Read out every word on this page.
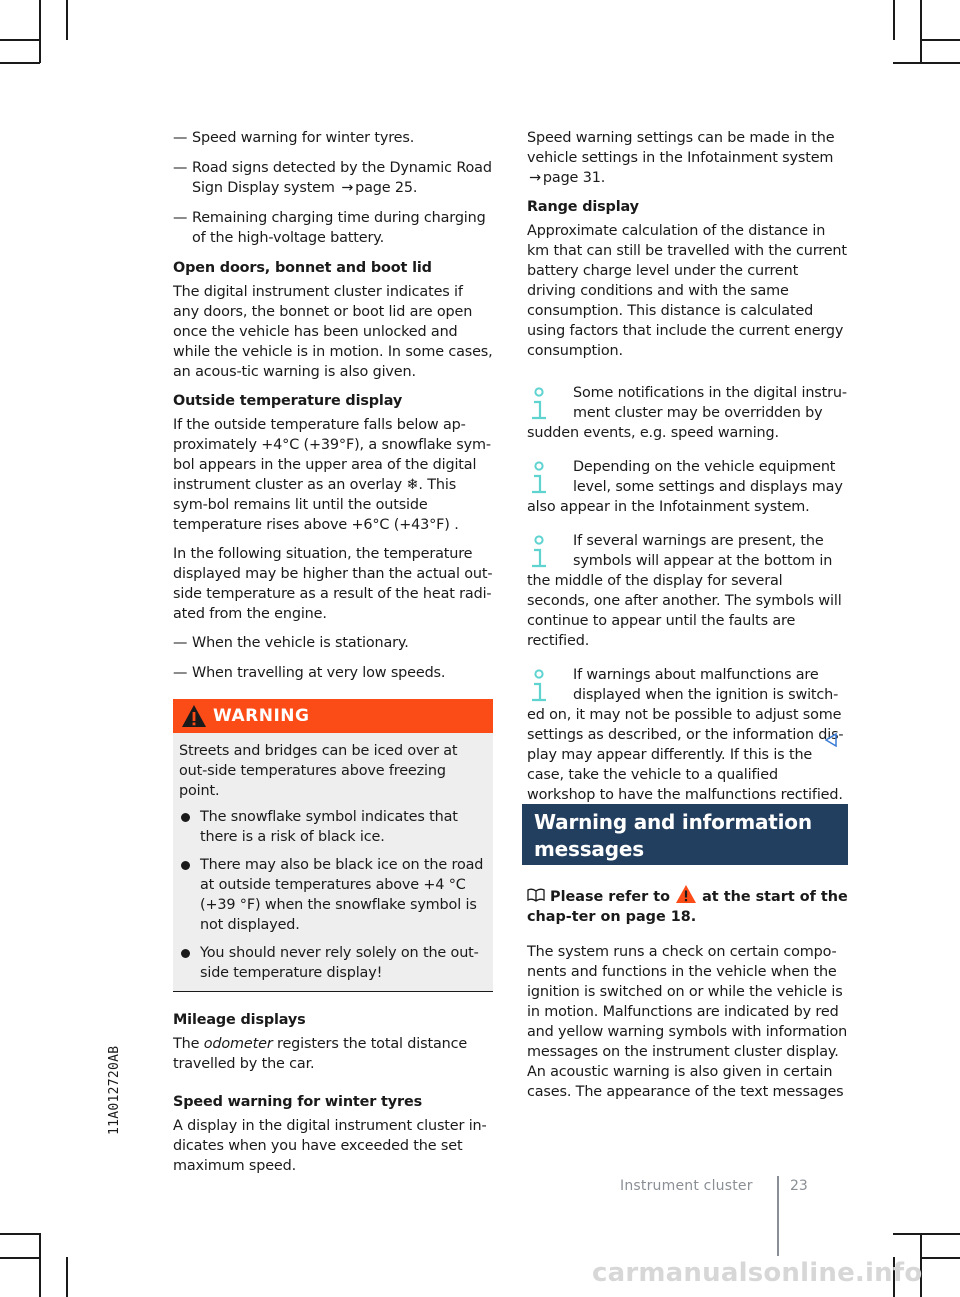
— Speed warning for winter tyres.
— Road signs detected by the Dynamic Road Sign Display system → page 25.
— Remaining charging time during charging of the high-voltage battery.

Open doors, bonnet and boot lid

The digital instrument cluster indicates if any doors, the bonnet or boot lid are open once the vehicle has been unlocked and while the vehicle is in motion. In some cases, an acous-tic warning is also given.

Outside temperature display

If the outside temperature falls below ap-proximately +4°C (+39°F), a snowflake sym-bol appears in the upper area of the digital instrument cluster as an overlay ❄. This sym-bol remains lit until the outside temperature rises above +6°C (+43°F) .

In the following situation, the temperature displayed may be higher than the actual out-side temperature as a result of the heat radi-ated from the engine.

— When the vehicle is stationary.
— When travelling at very low speeds.
WARNING

Streets and bridges can be iced over at out-side temperatures above freezing point.

The snowflake symbol indicates that there is a risk of black ice.
There may also be black ice on the road at outside temperatures above +4 °C (+39 °F) when the snowflake symbol is not displayed.
You should never rely solely on the out-side temperature display!

Mileage displays

The odometer registers the total distance travelled by the car.

Speed warning for winter tyres

A display in the digital instrument cluster in-dicates when you have exceeded the set maximum speed.

Speed warning settings can be made in the vehicle settings in the Infotainment system
→ page 31.

Range display

Approximate calculation of the distance in km that can still be travelled with the current battery charge level under the current driving conditions and with the same consumption. This distance is calculated using factors that include the current energy consumption.

Some notifications in the digital instru-
ment cluster may be overridden by
sudden events, e.g. speed warning.
Depending on the vehicle equipment
level, some settings and displays may
also appear in the Infotainment system.
If several warnings are present, the
symbols will appear at the bottom in
the middle of the display for several seconds, one after another. The symbols will continue to appear until the faults are rectified.
If warnings about malfunctions are
displayed when the ignition is switch-
ed on, it may not be possible to adjust some settings as described, or the information dis-play may appear differently. If this is the case, take the vehicle to a qualified workshop to have the malfunctions rectified.
Warning and information messages
Please refer to at the start of the chap-ter on page 18.
The system runs a check on certain compo-nents and functions in the vehicle when the ignition is switched on or while the vehicle is in motion. Malfunctions are indicated by red and yellow warning symbols with information messages on the instrument cluster display. An acoustic warning is also given in certain cases. The appearance of the text messages
11A012720AB
Instrument cluster	23
carmanualsonline.info
